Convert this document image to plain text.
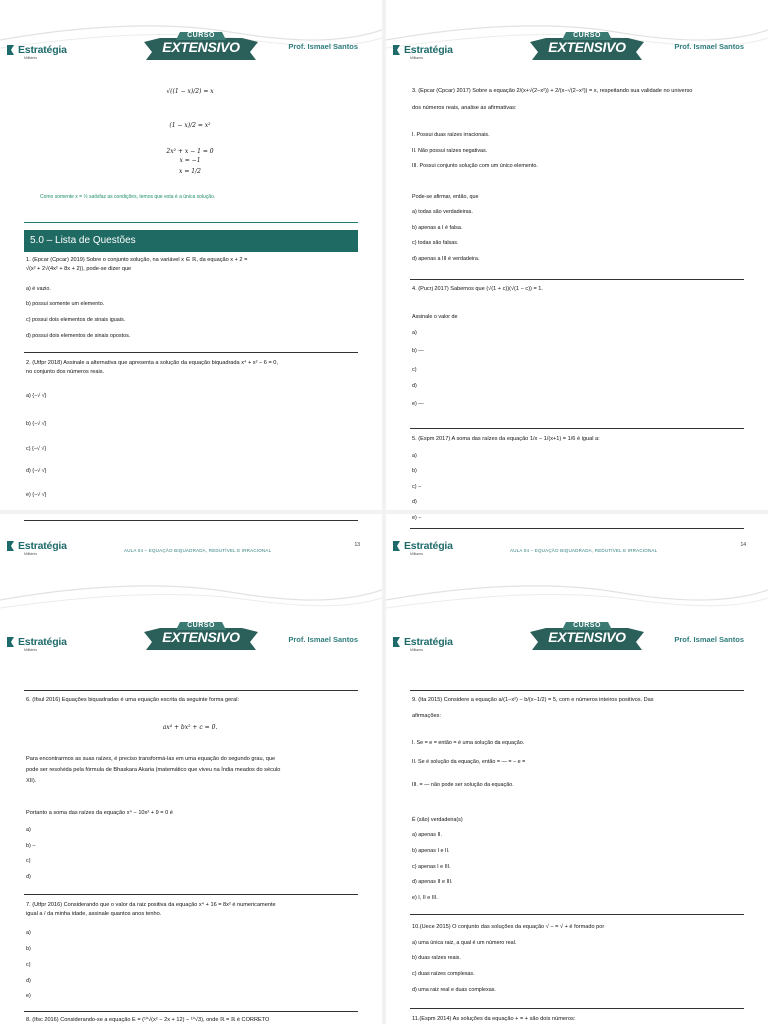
Estratégia
Militares
CURSO
EXTENSIVO	Prof. Ismael Santos
√((1 − x)/2) = x
(1 − x)/2 = x²
2x² + x − 1 = 0
x = −1
x = 1/2
Como somente x = ½ satisfaz as condições, temos que esta é a única solução.
5.0 – Lista de Questões
1. (Epcar (Cpcar) 2019) Sobre o conjunto solução, na variável x ∈ ℝ, da equação x + 2 =
√(x² + 2√(4x² + 8x + 2)), pode-se dizer que
a) é vazio.
b) possui somente um elemento.
c) possui dois elementos de sinais iguais.
d) possui dois elementos de sinais opostos.
2. (Utfpr 2018) Assinale a alternativa que apresenta a solução da equação biquadrada x⁴ + x² − 6 = 0,
no conjunto dos números reais.
a) {−√ √}
b) {−√ √}
c) {−√ √}
d) {−√ √}
e) {−√ √}
Estratégia
Militares
AULA 04 – EQUAÇÃO BIQUADRADA, REDUTÍVEL E IRRACIONAL
13
Estratégia
Militares
CURSO
EXTENSIVO	Prof. Ismael Santos
3. (Epcar (Cpcar) 2017) Sobre a equação 2/(x+√(2−x²)) + 2/(x−√(2−x²)) = x, respeitando sua validade no universo
dos números reais, analise as afirmativas:
I. Possui duas raízes irracionais.
II. Não possui raízes negativas.
III. Possui conjunto solução com um único elemento.
Pode-se afirmar, então, que
a) todas são verdadeiras.
b) apenas a I é falsa.
c) todas são falsas.
d) apenas a III é verdadeira.
4. (Pucrj 2017) Sabemos que (√(1 + c))(√(1 − c)) = 1.
Assinale o valor de
a)
b) —
c)
d)
e) —
5. (Espm 2017) A soma das raízes da equação 1/x − 1/(x+1) = 1/6 é igual a:
a)
b)
c) −
d)
e) −
Estratégia
Militares
AULA 04 – EQUAÇÃO BIQUADRADA, REDUTÍVEL E IRRACIONAL
14
Estratégia
Militares
CURSO
EXTENSIVO	Prof. Ismael Santos
6. (Ifsul 2016) Equações biquadradas é uma equação escrita da seguinte forma geral:
ax⁴ + bx² + c = 0.
Para encontrarmos as suas raízes, é preciso transformá-las em uma equação do segundo grau, que
pode ser resolvida pela fórmula de Bhaskara Akaria (matemático que viveu na Índia meados do século
XII).
Portanto a soma das raízes da equação x⁴ − 10x² + 9 = 0 é
a)
b) −
c)
d)
7. (Utfpr 2016) Considerando que o valor da raiz positiva da equação x⁴ + 16 = 8x² é numericamente
igual a / da minha idade, assinale quantos anos tenho.
a)
b)
c)
d)
e)
8. (Ifsc 2016) Considerando-se a equação E = (¹⁰√(x² − 2x + 12) − ¹⁰√3), onde ℝ = ℝ é CORRETO
Estratégia
Militares
CURSO
EXTENSIVO	Prof. Ismael Santos
9. (Ita 2015) Considere a equação a/(1−x²) − b/(x−1/2) = 5, com e números inteiros positivos. Das
afirmações:
I. Se = e = então = é uma solução da equação.
II. Se é solução da equação, então = — = − e =
III. = — não pode ser solução da equação.
É (são) verdadeira(s)
a) apenas II.
b) apenas I e II.
c) apenas I e III.
d) apenas II e III.
e) I, II e III.
10.(Uece 2015) O conjunto das soluções da equação √ − = √ + é formado por
a) uma única raiz, a qual é um número real.
b) duas raízes reais.
c) duas raízes complexas.
d) uma raiz real e duas complexas.
11.(Espm 2014) As soluções da equação + = + são dois números:
